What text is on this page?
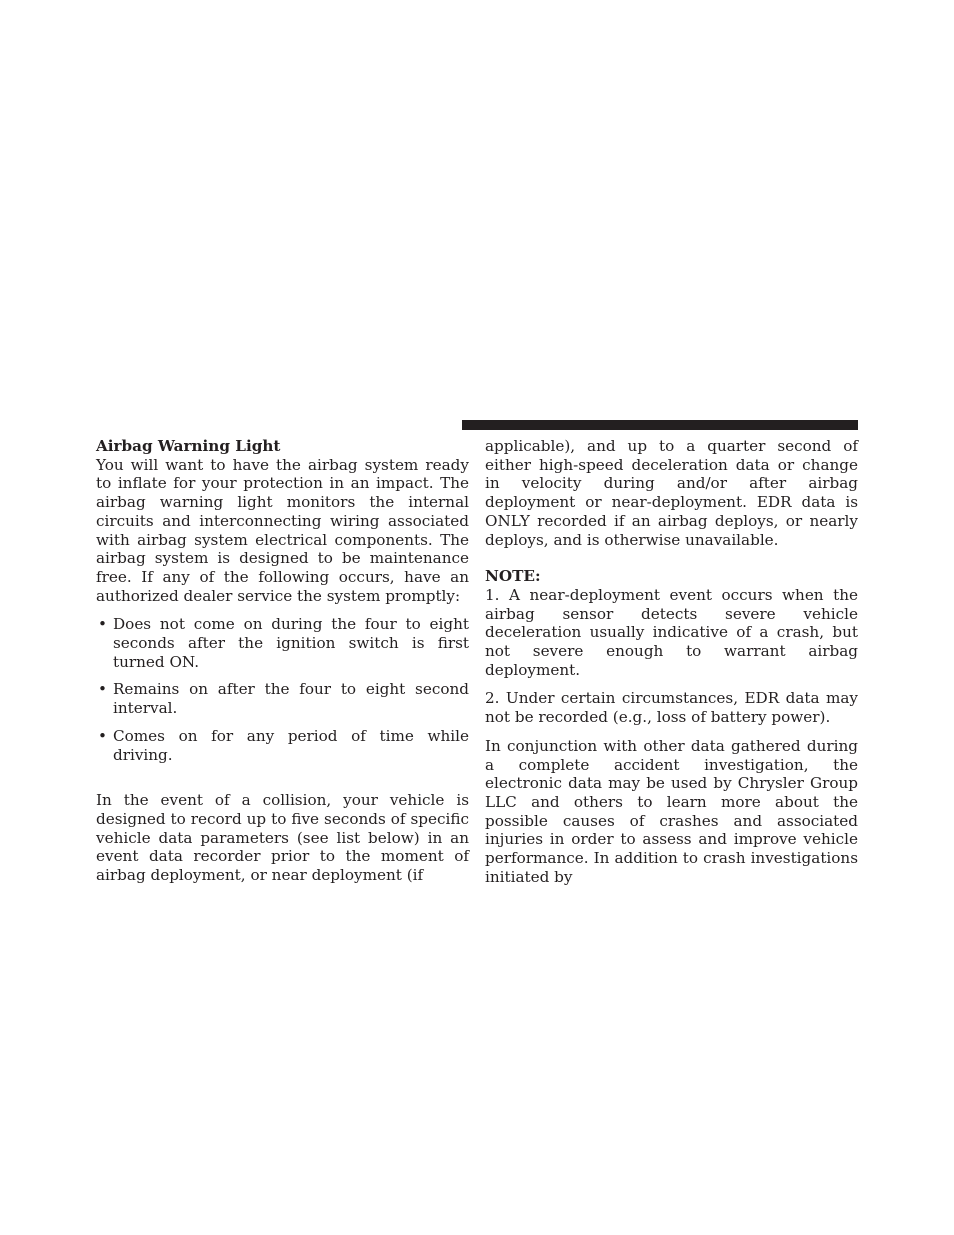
Airbag Warning Light

You will want to have the airbag system ready to inflate for your protection in an impact. The airbag warning light monitors the internal circuits and interconnecting wiring associated with airbag system electrical components. The airbag system is designed to be maintenance free. If any of the following occurs, have an authorized dealer service the system promptly:

• Does not come on during the four to eight seconds after the ignition switch is first turned ON.
• Remains on after the four to eight second interval.
• Comes on for any period of time while driving.

In the event of a collision, your vehicle is designed to record up to five seconds of specific vehicle data parameters (see list below) in an event data recorder prior to the moment of airbag deployment, or near deployment (if

applicable), and up to a quarter second of either high-speed deceleration data or change in velocity during and/or after airbag deployment or near-deployment. EDR data is ONLY recorded if an airbag deploys, or nearly deploys, and is otherwise unavailable.

NOTE:

1. A near-deployment event occurs when the airbag sensor detects severe vehicle deceleration usually indicative of a crash, but not severe enough to warrant airbag deployment.

2. Under certain circumstances, EDR data may not be recorded (e.g., loss of battery power).

In conjunction with other data gathered during a complete accident investigation, the electronic data may be used by Chrysler Group LLC and others to learn more about the possible causes of crashes and associated injuries in order to assess and improve vehicle performance. In addition to crash investigations initiated by
